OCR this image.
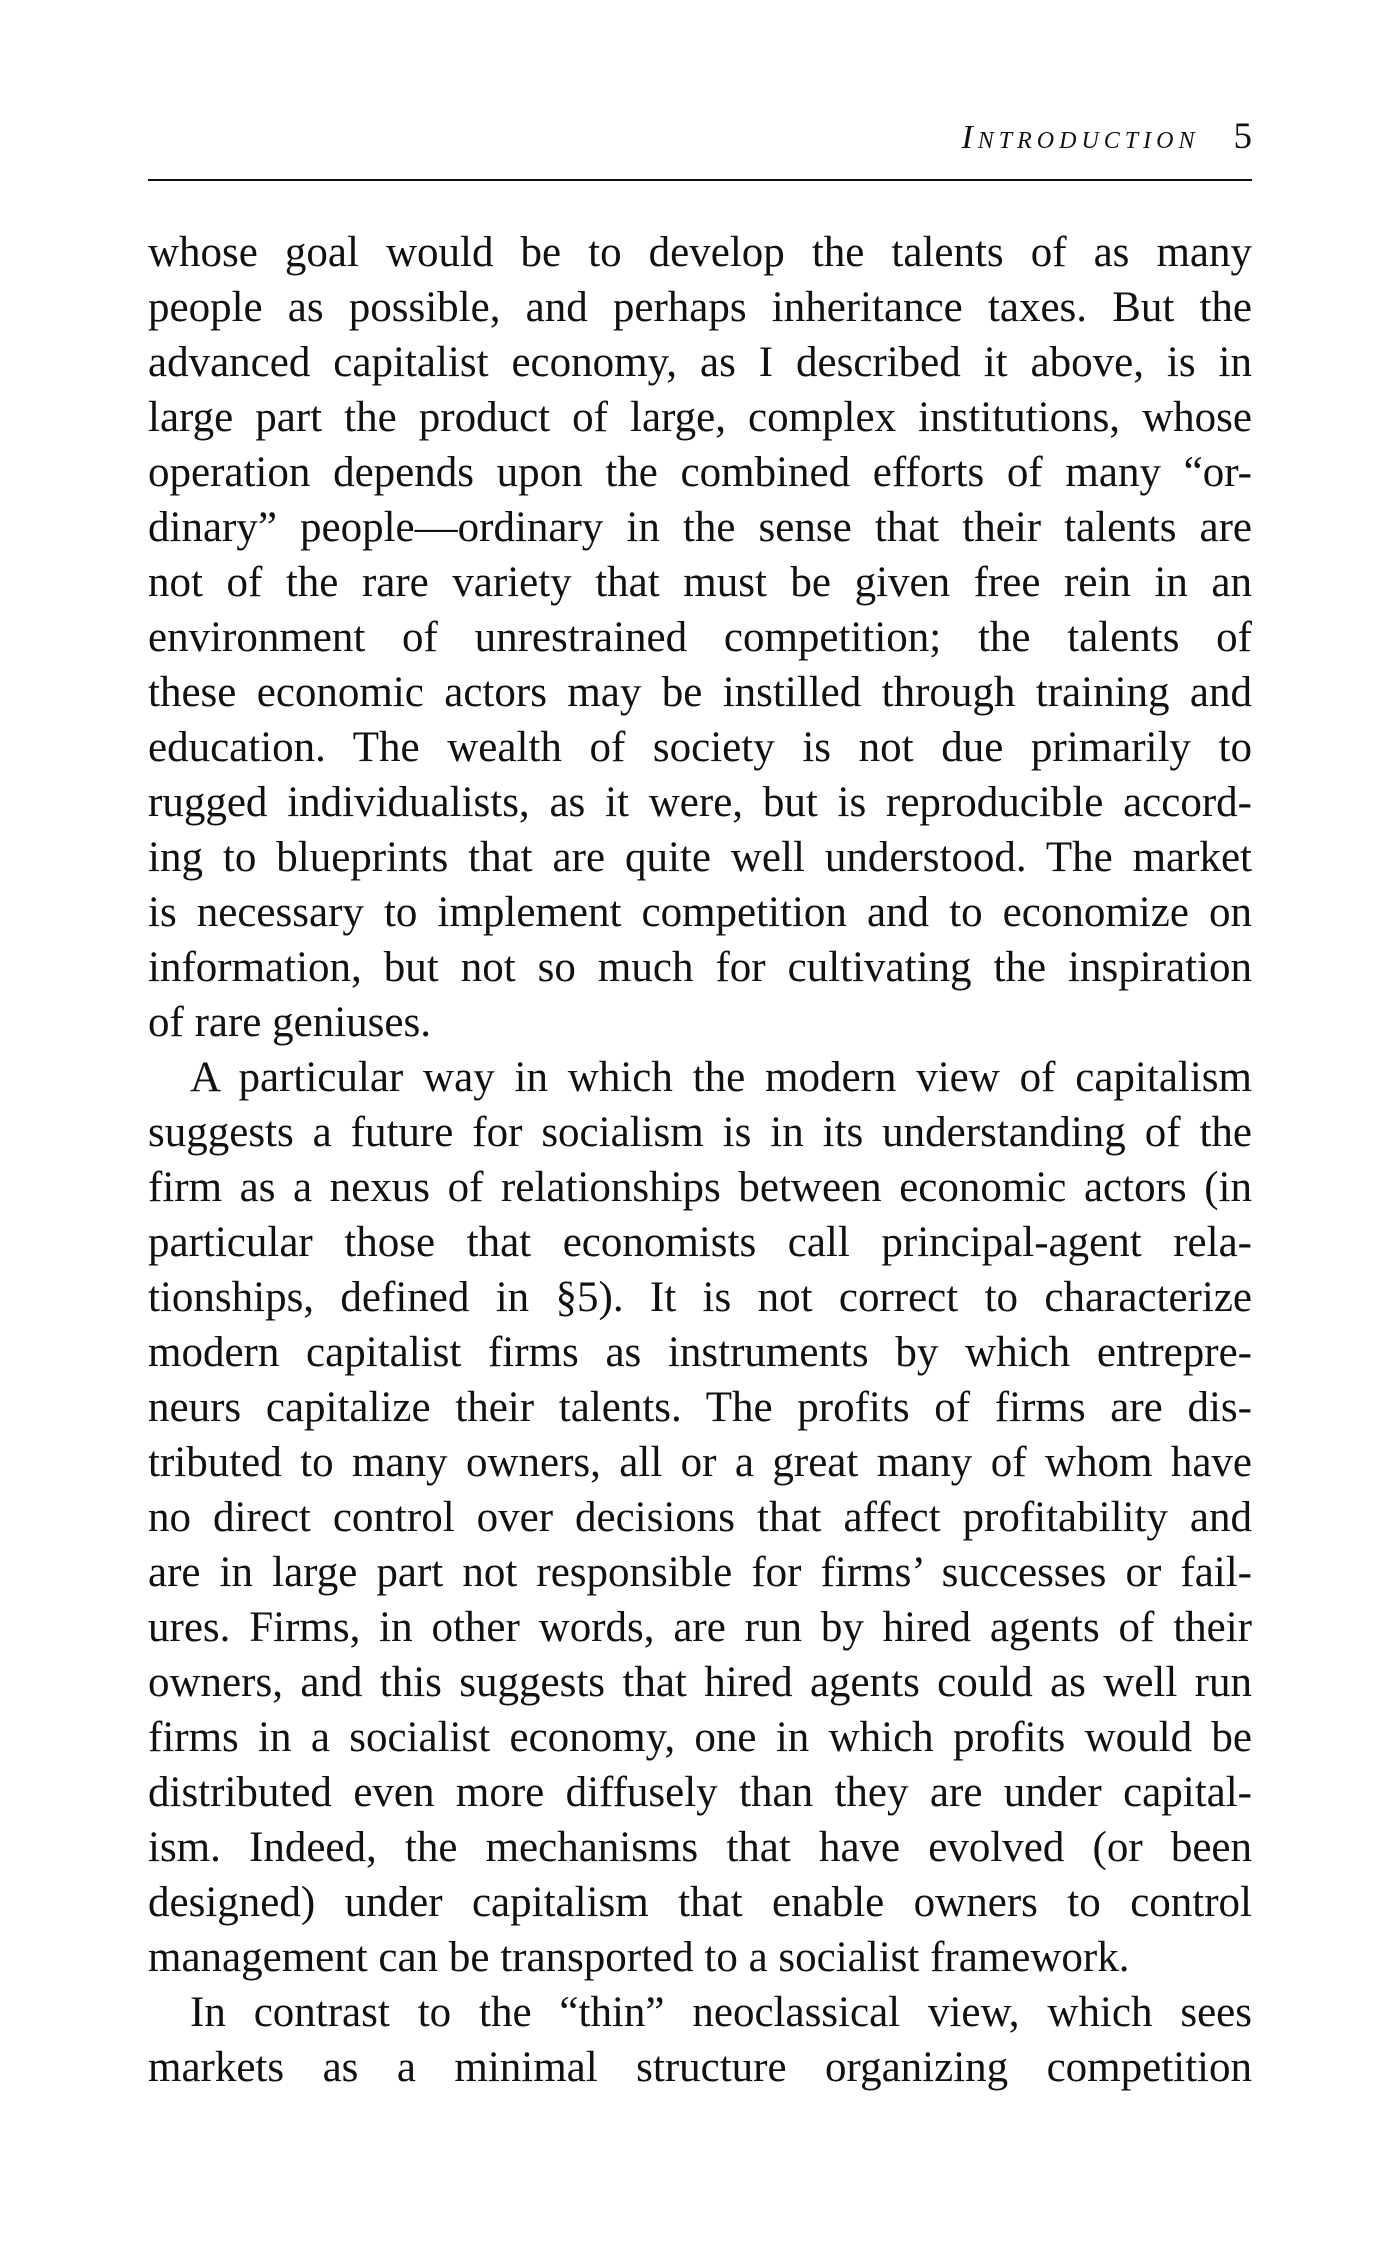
Introduction 5
whose goal would be to develop the talents of as many
people as possible, and perhaps inheritance taxes. But the
advanced capitalist economy, as I described it above, is in
large part the product of large, complex institutions, whose
operation depends upon the combined efforts of many “or-
dinary” people—ordinary in the sense that their talents are
not of the rare variety that must be given free rein in an
environment of unrestrained competition; the talents of
these economic actors may be instilled through training and
education. The wealth of society is not due primarily to
rugged individualists, as it were, but is reproducible accord-
ing to blueprints that are quite well understood. The market
is necessary to implement competition and to economize on
information, but not so much for cultivating the inspiration
of rare geniuses.
A particular way in which the modern view of capitalism
suggests a future for socialism is in its understanding of the
firm as a nexus of relationships between economic actors (in
particular those that economists call principal-agent rela-
tionships, defined in §5). It is not correct to characterize
modern capitalist firms as instruments by which entrepre-
neurs capitalize their talents. The profits of firms are dis-
tributed to many owners, all or a great many of whom have
no direct control over decisions that affect profitability and
are in large part not responsible for firms’ successes or fail-
ures. Firms, in other words, are run by hired agents of their
owners, and this suggests that hired agents could as well run
firms in a socialist economy, one in which profits would be
distributed even more diffusely than they are under capital-
ism. Indeed, the mechanisms that have evolved (or been
designed) under capitalism that enable owners to control
management can be transported to a socialist framework.
In contrast to the “thin” neoclassical view, which sees
markets as a minimal structure organizing competition
